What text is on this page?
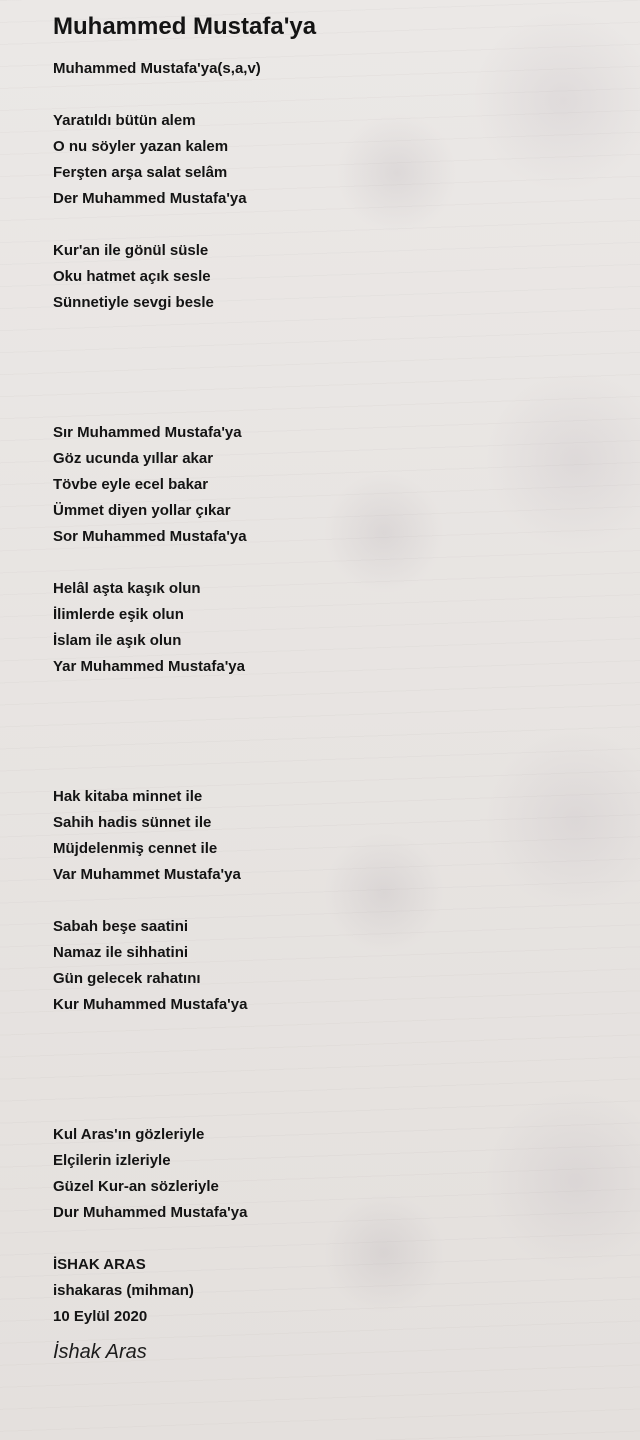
Muhammed Mustafa'ya
Muhammed Mustafa'ya(s,a,v)
Yaratıldı bütün alem
O nu söyler yazan kalem
Ferşten arşa salat selâm
Der Muhammed Mustafa'ya
Kur'an ile gönül süsle
Oku hatmet açık sesle
Sünnetiyle sevgi besle
Sır Muhammed Mustafa'ya
Göz ucunda yıllar akar
Tövbe eyle ecel bakar
Ümmet diyen yollar çıkar
Sor Muhammed Mustafa'ya
Helâl aşta kaşık olun
İlimlerde eşik olun
İslam ile aşık olun
Yar Muhammed Mustafa'ya
Hak kitaba minnet ile
Sahih hadis sünnet ile
Müjdelenmiş cennet ile
Var Muhammet Mustafa'ya
Sabah beşe saatini
Namaz ile sihhatini
Gün gelecek rahatını
Kur Muhammed Mustafa'ya
Kul Aras'ın gözleriyle
Elçilerin izleriyle
Güzel Kur-an sözleriyle
Dur Muhammed Mustafa'ya
İSHAK ARAS
ishakaras (mihman)
10 Eylül 2020
İshak Aras
